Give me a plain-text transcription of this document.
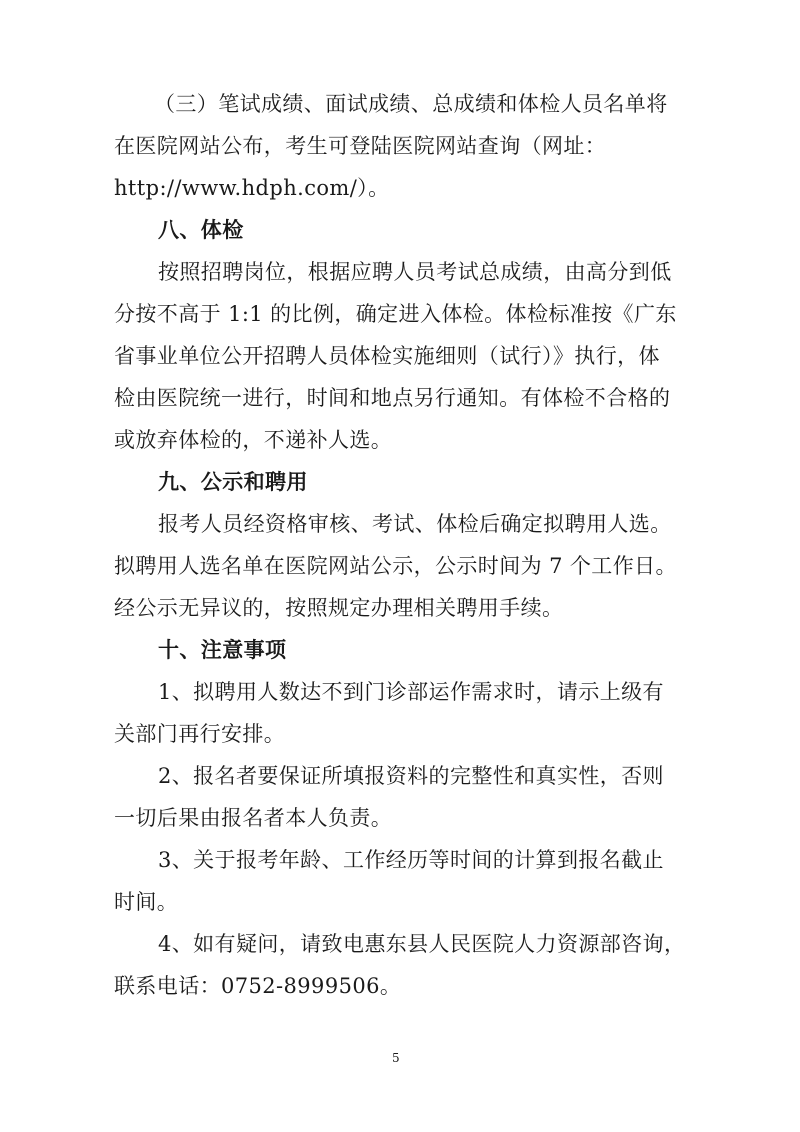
（三）笔试成绩、面试成绩、总成绩和体检人员名单将
在医院网站公布，考生可登陆医院网站查询（网址：
http://www.hdph.com/）。
八、体检
按照招聘岗位，根据应聘人员考试总成绩，由高分到低
分按不高于 1:1 的比例，确定进入体检。体检标准按《广东
省事业单位公开招聘人员体检实施细则（试行）》执行，体
检由医院统一进行，时间和地点另行通知。有体检不合格的
或放弃体检的，不递补人选。
九、公示和聘用
报考人员经资格审核、考试、体检后确定拟聘用人选。
拟聘用人选名单在医院网站公示，公示时间为 7 个工作日。
经公示无异议的，按照规定办理相关聘用手续。
十、注意事项
1、拟聘用人数达不到门诊部运作需求时，请示上级有
关部门再行安排。
2、报名者要保证所填报资料的完整性和真实性，否则
一切后果由报名者本人负责。
3、关于报考年龄、工作经历等时间的计算到报名截止
时间。
4、如有疑问，请致电惠东县人民医院人力资源部咨询，
联系电话：0752-8999506。
5
